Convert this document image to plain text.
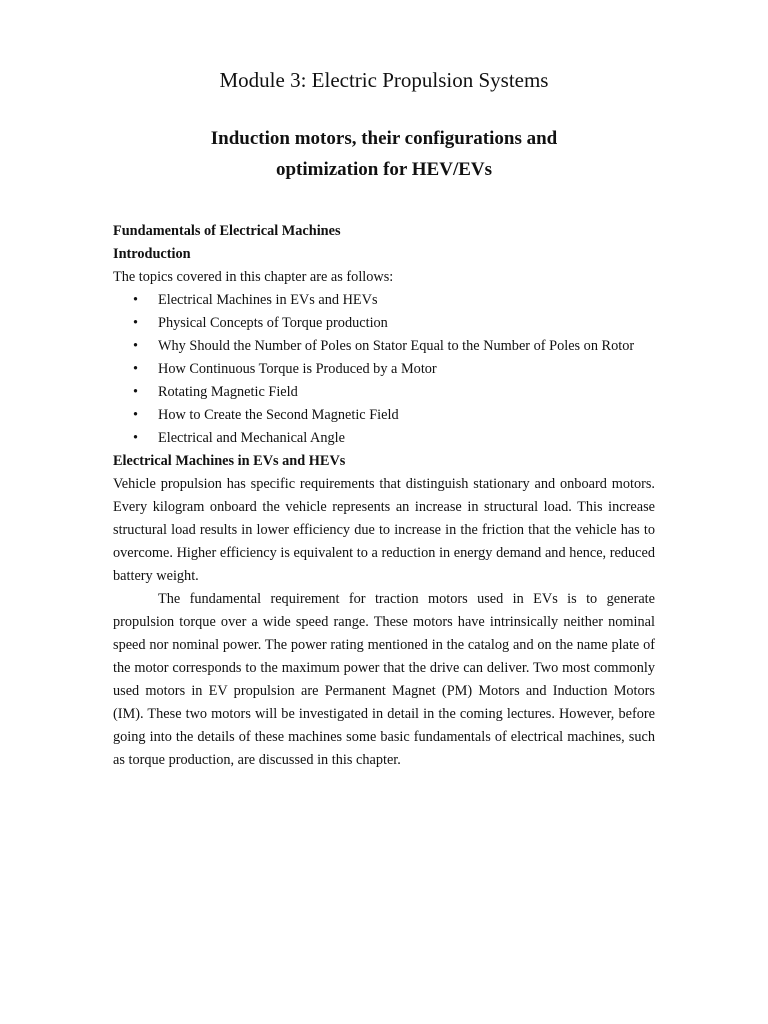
Module 3: Electric Propulsion Systems
Induction motors, their configurations and
optimization for HEV/EVs

Fundamentals of Electrical Machines

Introduction

The topics covered in this chapter are as follows:

• Electrical Machines in EVs and HEVs
• Physical Concepts of Torque production
• Why Should the Number of Poles on Stator Equal to the Number of Poles on Rotor
• How Continuous Torque is Produced by a Motor
• Rotating Magnetic Field
• How to Create the Second Magnetic Field
• Electrical and Mechanical Angle

Electrical Machines in EVs and HEVs

Vehicle propulsion has specific requirements that distinguish stationary and onboard motors. Every kilogram onboard the vehicle represents an increase in structural load. This increase structural load results in lower efficiency due to increase in the friction that the vehicle has to overcome. Higher efficiency is equivalent to a reduction in energy demand and hence, reduced battery weight.

The fundamental requirement for traction motors used in EVs is to generate propulsion torque over a wide speed range. These motors have intrinsically neither nominal speed nor nominal power. The power rating mentioned in the catalog and on the name plate of the motor corresponds to the maximum power that the drive can deliver. Two most commonly used motors in EV propulsion are Permanent Magnet (PM) Motors and Induction Motors (IM). These two motors will be investigated in detail in the coming lectures. However, before going into the details of these machines some basic fundamentals of electrical machines, such as torque production, are discussed in this chapter.
